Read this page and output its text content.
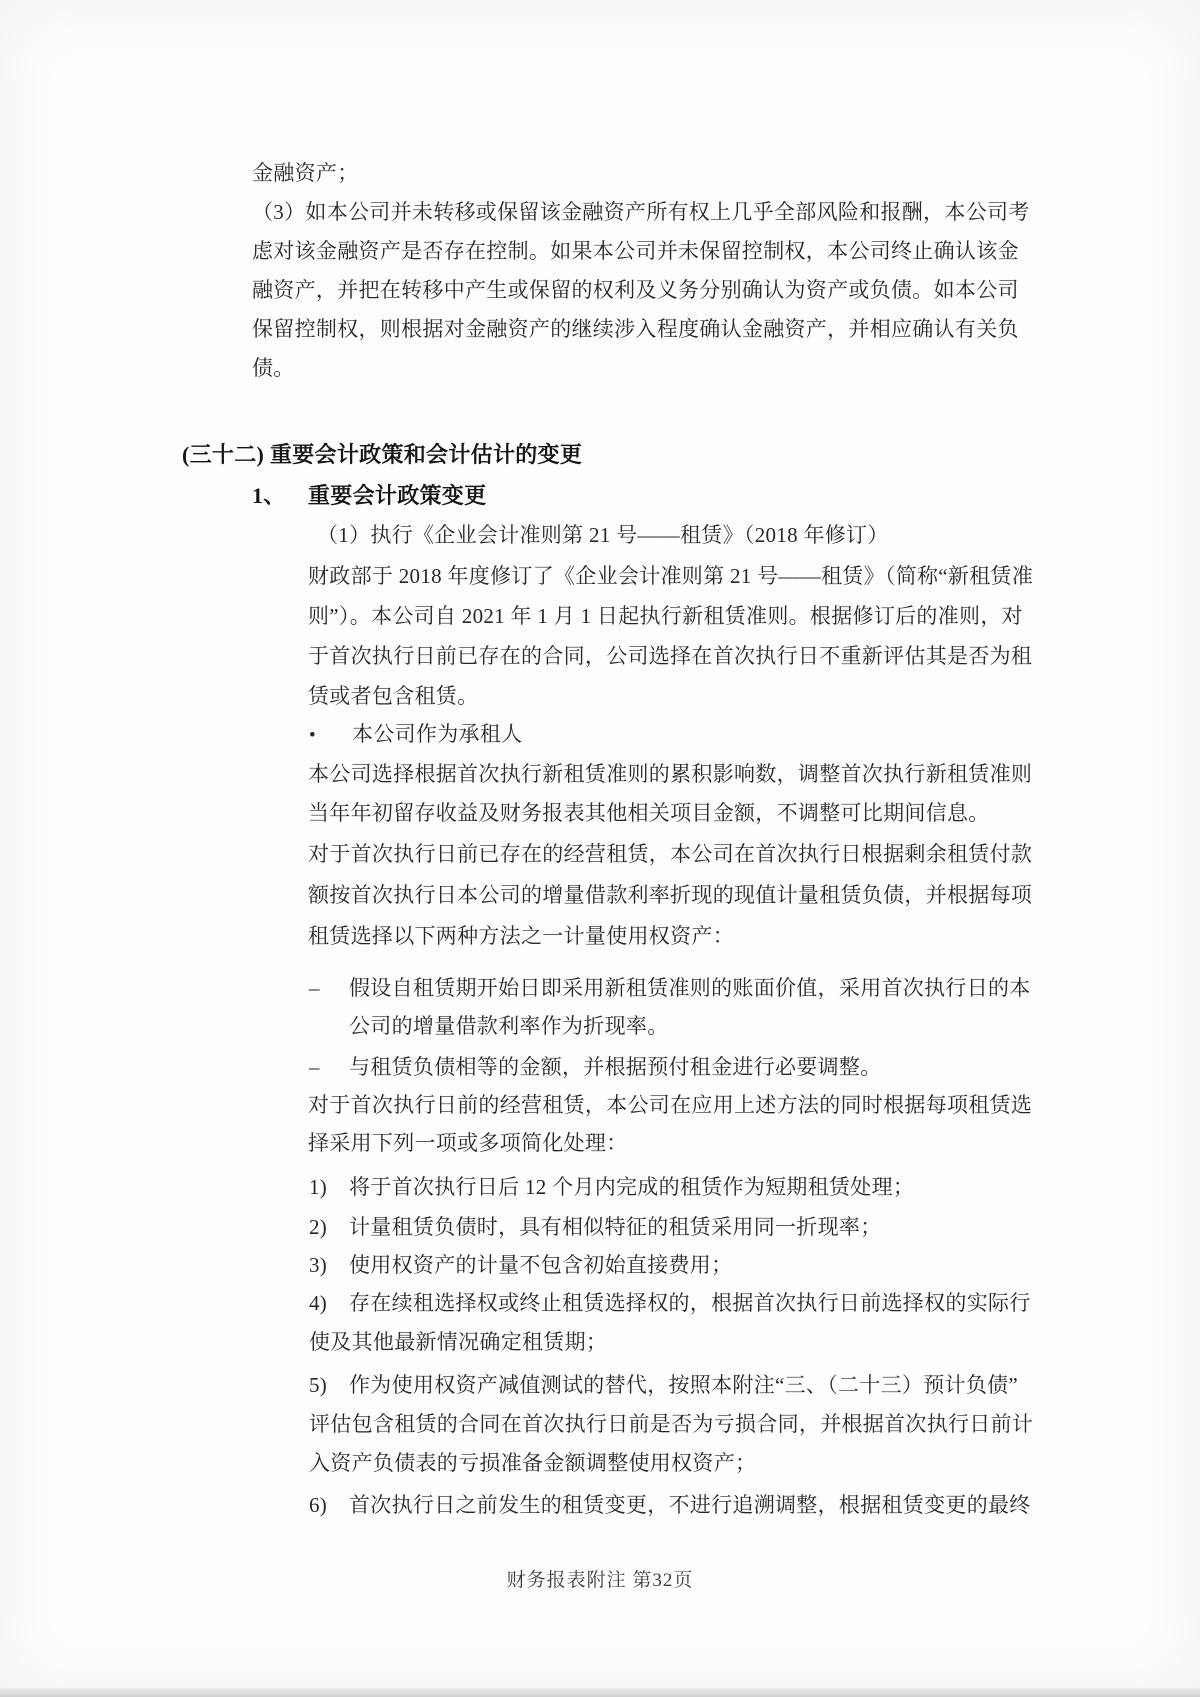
金融资产；
（3）如本公司并未转移或保留该金融资产所有权上几乎全部风险和报酬，本公司考
虑对该金融资产是否存在控制。如果本公司并未保留控制权，本公司终止确认该金
融资产，并把在转移中产生或保留的权利及义务分别确认为资产或负债。如本公司
保留控制权，则根据对金融资产的继续涉入程度确认金融资产，并相应确认有关负
债。
(三十二) 重要会计政策和会计估计的变更
1、 重要会计政策变更
（1）执行《企业会计准则第 21 号——租赁》（2018 年修订）
财政部于 2018 年度修订了《企业会计准则第 21 号——租赁》（简称“新租赁准
则”）。本公司自 2021 年 1 月 1 日起执行新租赁准则。根据修订后的准则，对
于首次执行日前已存在的合同，公司选择在首次执行日不重新评估其是否为租
赁或者包含租赁。
• 本公司作为承租人
本公司选择根据首次执行新租赁准则的累积影响数，调整首次执行新租赁准则
当年年初留存收益及财务报表其他相关项目金额，不调整可比期间信息。
对于首次执行日前已存在的经营租赁，本公司在首次执行日根据剩余租赁付款
额按首次执行日本公司的增量借款利率折现的现值计量租赁负债，并根据每项
租赁选择以下两种方法之一计量使用权资产：
– 假设自租赁期开始日即采用新租赁准则的账面价值，采用首次执行日的本
公司的增量借款利率作为折现率。
– 与租赁负债相等的金额，并根据预付租金进行必要调整。
对于首次执行日前的经营租赁，本公司在应用上述方法的同时根据每项租赁选
择采用下列一项或多项简化处理：
1) 将于首次执行日后 12 个月内完成的租赁作为短期租赁处理；
2) 计量租赁负债时，具有相似特征的租赁采用同一折现率；
3) 使用权资产的计量不包含初始直接费用；
4) 存在续租选择权或终止租赁选择权的，根据首次执行日前选择权的实际行
使及其他最新情况确定租赁期；
5) 作为使用权资产减值测试的替代，按照本附注“三、（二十三）预计负债”
评估包含租赁的合同在首次执行日前是否为亏损合同，并根据首次执行日前计
入资产负债表的亏损准备金额调整使用权资产；
6) 首次执行日之前发生的租赁变更，不进行追溯调整，根据租赁变更的最终
财务报表附注 第32页
